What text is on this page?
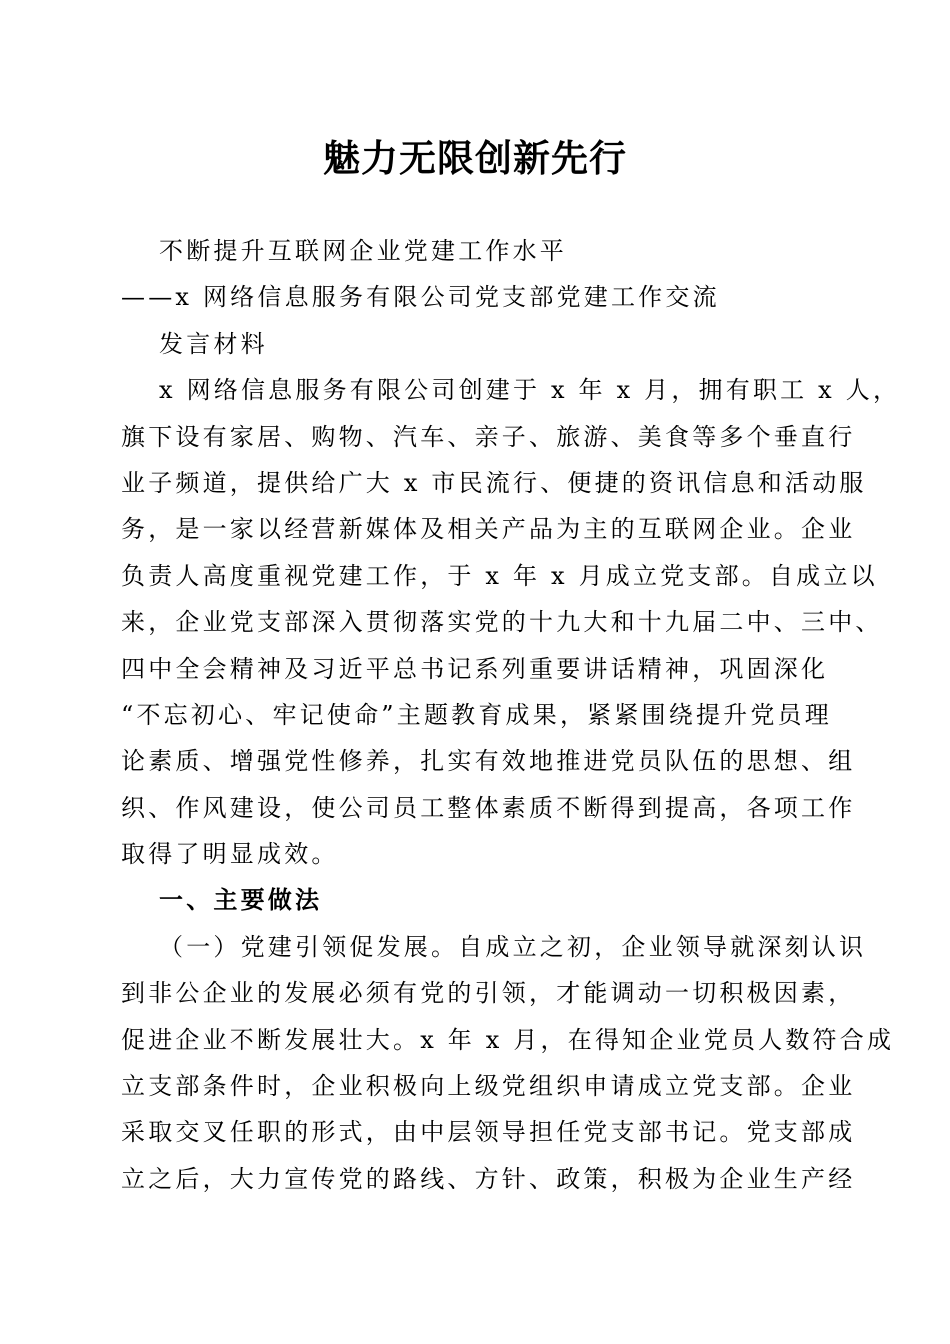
魅力无限创新先行
不断提升互联网企业党建工作水平
——x 网络信息服务有限公司党支部党建工作交流
发言材料
x 网络信息服务有限公司创建于 x 年 x 月，拥有职工 x 人，
旗下设有家居、购物、汽车、亲子、旅游、美食等多个垂直行
业子频道，提供给广大 x 市民流行、便捷的资讯信息和活动服
务，是一家以经营新媒体及相关产品为主的互联网企业。企业
负责人高度重视党建工作，于 x 年 x 月成立党支部。自成立以
来，企业党支部深入贯彻落实党的十九大和十九届二中、三中、
四中全会精神及习近平总书记系列重要讲话精神，巩固深化
“不忘初心、牢记使命”主题教育成果，紧紧围绕提升党员理
论素质、增强党性修养，扎实有效地推进党员队伍的思想、组
织、作风建设，使公司员工整体素质不断得到提高，各项工作
取得了明显成效。
一、主要做法
（一）党建引领促发展。自成立之初，企业领导就深刻认识
到非公企业的发展必须有党的引领，才能调动一切积极因素，
促进企业不断发展壮大。x 年 x 月，在得知企业党员人数符合成
立支部条件时，企业积极向上级党组织申请成立党支部。企业
采取交叉任职的形式，由中层领导担任党支部书记。党支部成
立之后，大力宣传党的路线、方针、政策，积极为企业生产经
